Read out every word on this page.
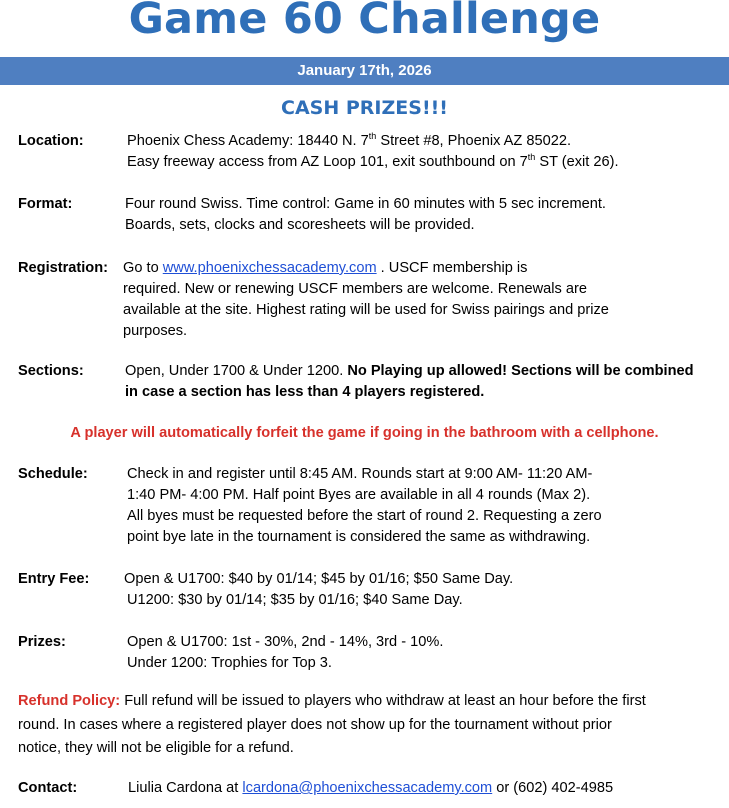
Game 60 Challenge
January 17th, 2026
CASH PRIZES!!!
Location:	Phoenix Chess Academy: 18440 N. 7th Street #8, Phoenix AZ 85022.
Easy freeway access from AZ Loop 101, exit southbound on 7th ST (exit 26).
Format:	Four round Swiss. Time control: Game in 60 minutes with 5 sec increment.
Boards, sets, clocks and scoresheets will be provided.
Registration: Go to www.phoenixchessacademy.com . USCF membership is
required. New or renewing USCF members are welcome. Renewals are
available at the site. Highest rating will be used for Swiss pairings and prize
purposes.
Sections:	Open, Under 1700 & Under 1200. No Playing up allowed! Sections will be combined
in case a section has less than 4 players registered.
A player will automatically forfeit the game if going in the bathroom with a cellphone.
Schedule:	Check in and register until 8:45 AM. Rounds start at 9:00 AM- 11:20 AM-
1:40 PM- 4:00 PM. Half point Byes are available in all 4 rounds (Max 2).
All byes must be requested before the start of round 2. Requesting a zero
point bye late in the tournament is considered the same as withdrawing.
Entry Fee: Open & U1700: $40 by 01/14; $45 by 01/16; $50 Same Day.
U1200: $30 by 01/14; $35 by 01/16; $40 Same Day.
Prizes:	Open & U1700: 1st - 30%, 2nd - 14%, 3rd - 10%.
Under 1200: Trophies for Top 3.
Refund Policy: Full refund will be issued to players who withdraw at least an hour before the first
round. In cases where a registered player does not show up for the tournament without prior
notice, they will not be eligible for a refund.
Contact:	Liulia Cardona at lcardona@phoenixchessacademy.com or (602) 402-4985
